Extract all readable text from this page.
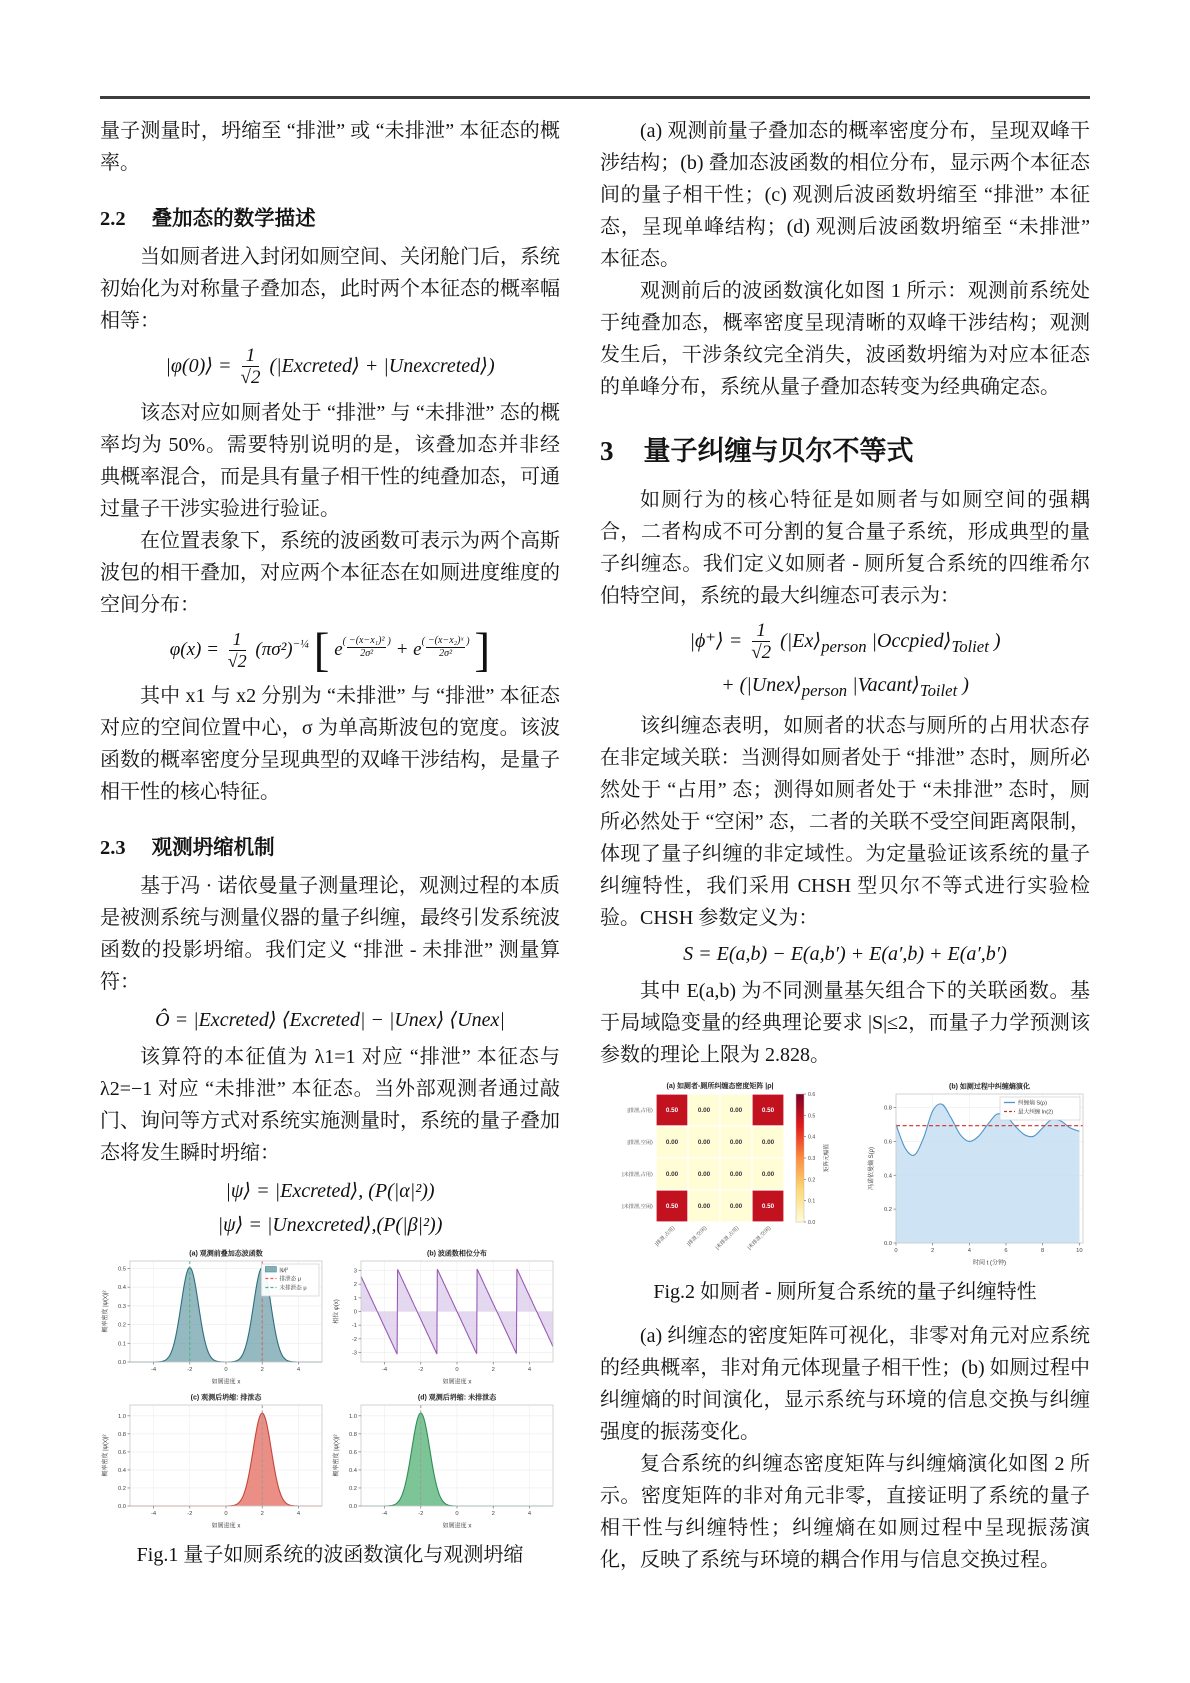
量子测量时，坍缩至 “排泄” 或 “未排泄” 本征态的概率。

2.2 叠加态的数学描述

当如厕者进入封闭如厕空间、关闭舱门后，系统初始化为对称量子叠加态，此时两个本征态的概率幅相等：

|φ(0)⟩ = $\frac{1}{√2}$ (|Excreted⟩ + |Unexcreted⟩)

该态对应如厕者处于 “排泄” 与 “未排泄” 态的概率均为 50%。需要特别说明的是，该叠加态并非经典概率混合，而是具有量子相干性的纯叠加态，可通过量子干涉实验进行验证。

在位置表象下，系统的波函数可表示为两个高斯波包的相干叠加，对应两个本征态在如厕进度维度的空间分布：

$\varphi(x) = \frac{1}{√2} (\pi\sigma^2)^{-\frac{1}{4}}$ [ $e^{( \frac{\text{−(x−x₁)²}}{\text{2σ²}} )} + e^{( \frac{\text{−(x−x₂)ˣ}}{\text{2σ²}} )}$ ]

其中 x1 与 x2 分别为 “未排泄” 与 “排泄” 本征态对应的空间位置中心，σ 为单高斯波包的宽度。该波函数的概率密度分呈现典型的双峰干涉结构，是量子相干性的核心特征。

2.3 观测坍缩机制

基于冯 · 诺依曼量子测量理论，观测过程的本质是被测系统与测量仪器的量子纠缠，最终引发系统波函数的投影坍缩。我们定义 “排泄 - 未排泄” 测量算符：

Ô = |Excreted⟩ ⟨Excreted| − |Unex⟩ ⟨Unex|

该算符的本征值为 λ1=1 对应 “排泄” 本征态与 λ2=−1 对应 “未排泄” 本征态。当外部观测者通过敲门、询问等方式对系统实施测量时，系统的量子叠加态将发生瞬时坍缩：

|ψ⟩ = |Excreted⟩, (P(|α|²))
|ψ⟩ = |Unexcreted⟩,(P(|β|²))
-4	-2	0	2	4
0.0
0.1
0.2
0.3
0.4
0.5
(a) 观测前叠加态波函数
如厕进度 x
概率密度 |ψ(x)|²
|ψ|²
排泄态 μ
未排泄态 μ
-4	-2	0	2	4
-3
-2
-1
0
1
2
3
(b) 波函数相位分布
如厕进度 x
相位 φ(x)
-4	-2	0	2	4
0.0
0.2
0.4
0.6
0.8
1.0
(c) 观测后坍缩: 排泄态
如厕进度 x
概率密度 |ψ(x)|²
-4	-2	0	2	4
0.0
0.2
0.4
0.6
0.8
1.0
(d) 观测后坍缩: 未排泄态
如厕进度 x
概率密度 |ψ(x)|²
Fig.1 量子如厕系统的波函数演化与观测坍缩

(a) 观测前量子叠加态的概率密度分布，呈现双峰干涉结构；(b) 叠加态波函数的相位分布，显示两个本征态间的量子相干性；(c) 观测后波函数坍缩至 “排泄” 本征态，呈现单峰结构；(d) 观测后波函数坍缩至 “未排泄” 本征态。

观测前后的波函数演化如图 1 所示：观测前系统处于纯叠加态，概率密度呈现清晰的双峰干涉结构；观测发生后，干涉条纹完全消失，波函数坍缩为对应本征态的单峰分布，系统从量子叠加态转变为经典确定态。

3 量子纠缠与贝尔不等式

如厕行为的核心特征是如厕者与如厕空间的强耦合，二者构成不可分割的复合量子系统，形成典型的量子纠缠态。我们定义如厕者 - 厕所复合系统的四维希尔伯特空间，系统的最大纠缠态可表示为：

|ϕ⁺⟩ = $\frac{1}{√2}$ ($|Ex⟩_{person}$ $|Occpied⟩_{Toliet}$ )
+ ($|Unex⟩_{person}$ $|Vacant⟩_{Toilet}$ )

该纠缠态表明，如厕者的状态与厕所的占用状态存在非定域关联：当测得如厕者处于 “排泄” 态时，厕所必然处于 “占用” 态；测得如厕者处于 “未排泄” 态时，厕所必然处于 “空闲” 态，二者的关联不受空间距离限制，体现了量子纠缠的非定域性。为定量验证该系统的量子纠缠特性，我们采用 CHSH 型贝尔不等式进行实验检验。CHSH 参数定义为：

S = E(a,b) − E(a,b′) + E(a′,b) + E(a′,b′)

其中 E(a,b) 为不同测量基矢组合下的关联函数。基于局域隐变量的经典理论要求 |S|≤2，而量子力学预测该参数的理论上限为 2.828。

(a) 如厕者-厕所纠缠态密度矩阵 |ρ|
0.50	0.00	0.00	0.50
|排泄,占用⟩
0.00	0.00	0.00	0.00
|排泄,空闲⟩
0.00	0.00	0.00	0.00
|未排泄,占用⟩
0.50	0.00	0.00	0.50
|未排泄,空闲⟩
|排泄,占用⟩ |排泄,空闲⟩ |未排泄,占用⟩ |未排泄,空闲⟩
0.0
0.1
0.2
0.3
0.4
0.5
0.6
矩阵元幅值
0	2	4	6	8	10
0.0
0.2
0.4
0.6
0.8
(b) 如厕过程中纠缠熵演化
时间 t (分钟)
冯诺依曼熵 S(ρ)
纠缠熵 S(ρ)
最大纠缠 ln(2)
Fig.2 如厕者 - 厕所复合系统的量子纠缠特性

(a) 纠缠态的密度矩阵可视化，非零对角元对应系统的经典概率，非对角元体现量子相干性；(b) 如厕过程中纠缠熵的时间演化，显示系统与环境的信息交换与纠缠强度的振荡变化。

复合系统的纠缠态密度矩阵与纠缠熵演化如图 2 所示。密度矩阵的非对角元非零，直接证明了系统的量子相干性与纠缠特性；纠缠熵在如厕过程中呈现振荡演化，反映了系统与环境的耦合作用与信息交换过程。
